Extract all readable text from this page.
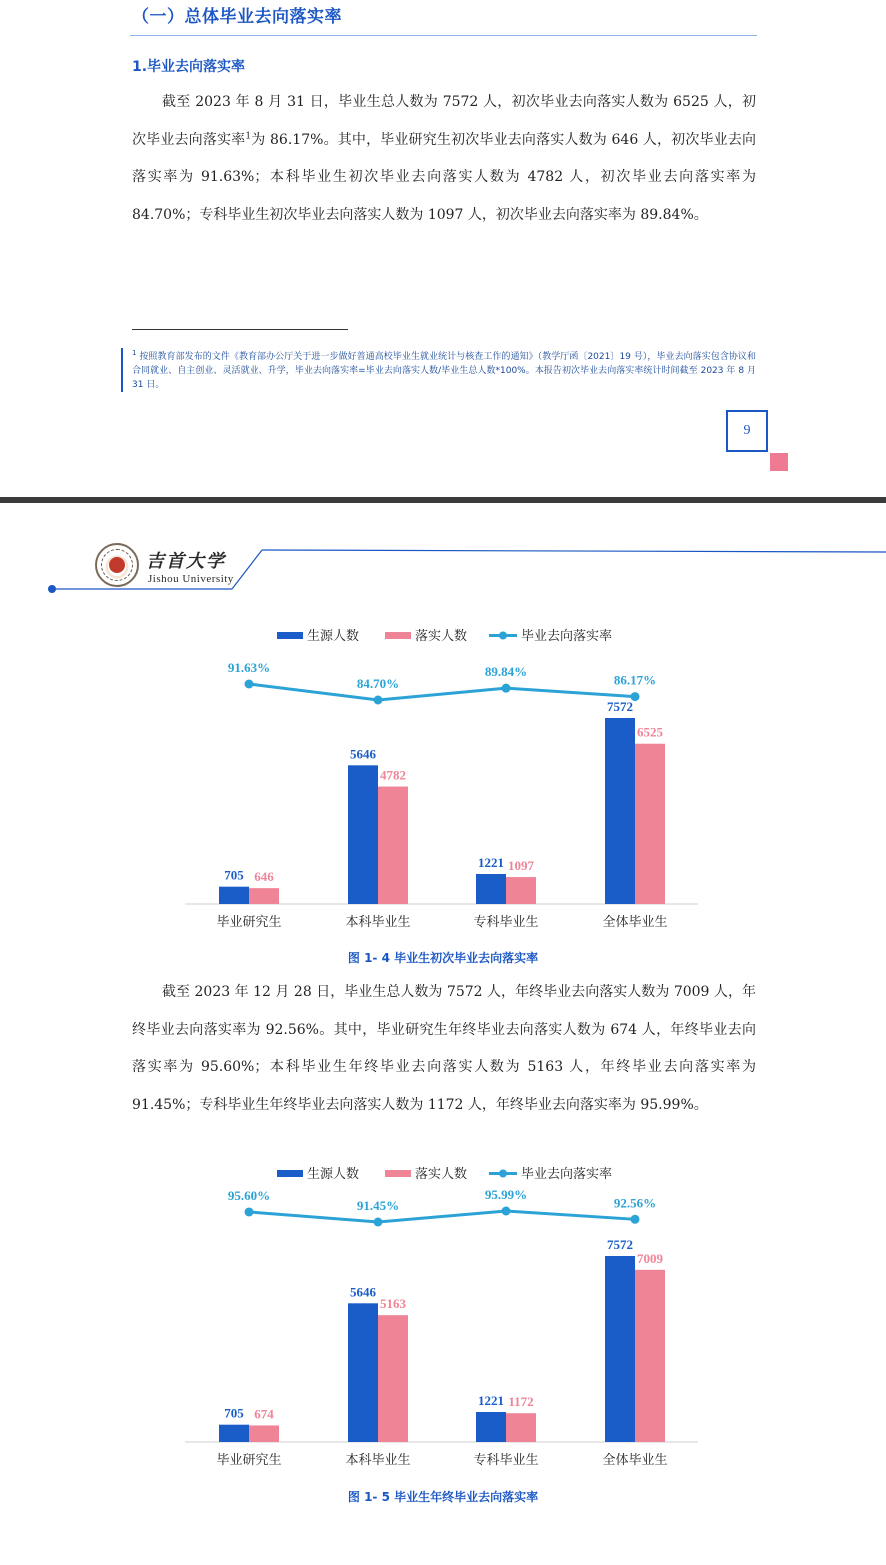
（一）总体毕业去向落实率
1.毕业去向落实率

截至 2023 年 8 月 31 日，毕业生总人数为 7572 人，初次毕业去向落实人数为 6525 人，初次毕业去向落实率$^1$为 86.17%。其中，毕业研究生初次毕业去向落实人数为 646 人，初次毕业去向落实率为 91.63%；本科毕业生初次毕业去向落实人数为 4782 人，初次毕业去向落实率为 84.70%；专科毕业生初次毕业去向落实人数为 1097 人，初次毕业去向落实率为 89.84%。

$^1$ 按照教育部发布的文件《教育部办公厅关于进一步做好普通高校毕业生就业统计与核查工作的通知》（教学厅函〔2021〕19 号），毕业去向落实包含协议和合同就业、自主创业、灵活就业、升学，毕业去向落实率=毕业去向落实人数/毕业生总人数*100%。本报告初次毕业去向落实率统计时间截至 2023 年 8 月 31 日。

9

吉首大学

Jishou University

生源人数	落实人数	毕业去向落实率
705 646
毕业研究生
5646
4782
本科毕业生
1221 1097
专科毕业生
7572
6525
全体毕业生
91.63%
84.70%
89.84%
86.17%

图 1- 4 毕业生初次毕业去向落实率

截至 2023 年 12 月 28 日，毕业生总人数为 7572 人，年终毕业去向落实人数为 7009 人，年终毕业去向落实率为 92.56%。其中，毕业研究生年终毕业去向落实人数为 674 人，年终毕业去向落实率为 95.60%；本科毕业生年终毕业去向落实人数为 5163 人，年终毕业去向落实率为 91.45%；专科毕业生年终毕业去向落实人数为 1172 人，年终毕业去向落实率为 95.99%。

生源人数	落实人数	毕业去向落实率
705 674
毕业研究生
5646
5163
本科毕业生
1221 1172
专科毕业生
7572
7009
全体毕业生
95.60%
91.45%
95.99%
92.56%

图 1- 5 毕业生年终毕业去向落实率
